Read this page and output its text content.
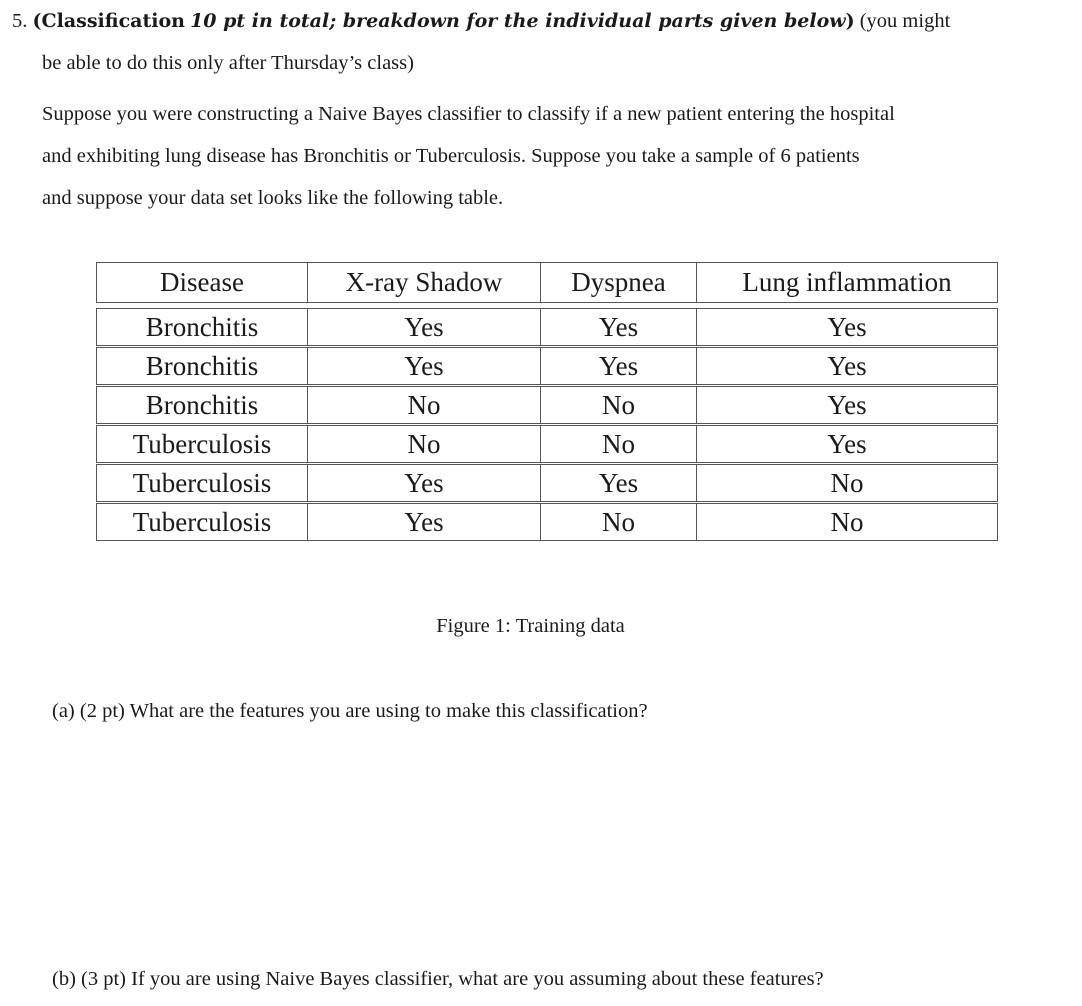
5. (Classification 10 pt in total; breakdown for the individual parts given below) (you might
be able to do this only after Thursday’s class)
Suppose you were constructing a Naive Bayes classifier to classify if a new patient entering the hospital
and exhibiting lung disease has Bronchitis or Tuberculosis. Suppose you take a sample of 6 patients
and suppose your data set looks like the following table.
Disease	X-ray Shadow	Dyspnea	Lung inflammation
Bronchitis	Yes	Yes	Yes
Bronchitis	Yes	Yes	Yes
Bronchitis	No	No	Yes
Tuberculosis	No	No	Yes
Tuberculosis	Yes	Yes	No
Tuberculosis	Yes	No	No
Figure 1: Training data
(a) (2 pt) What are the features you are using to make this classification?
(b) (3 pt) If you are using Naive Bayes classifier, what are you assuming about these features?
